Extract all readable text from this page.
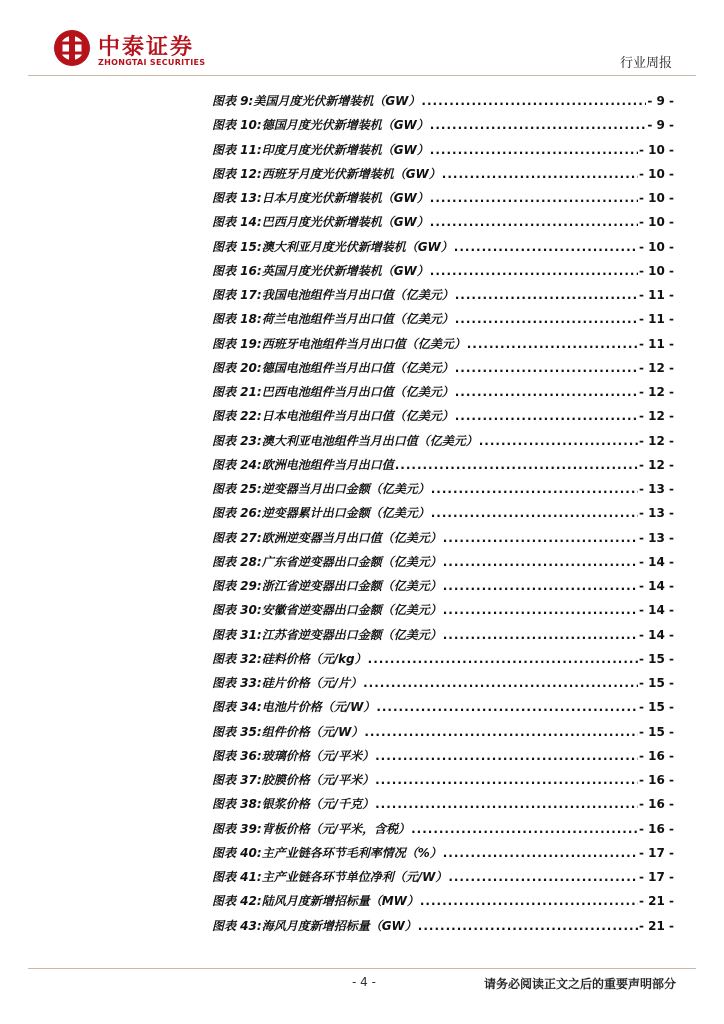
中泰证券
ZHONGTAI SECURITIES	行业周报
图表 9: 美国月度光伏新增装机（GW） .....	- 9 -
图表 10: 德国月度光伏新增装机（GW） .....	- 9 -
图表 11: 印度月度光伏新增装机（GW） .....	- 10 -
图表 12: 西班牙月度光伏新增装机（GW） .....	- 10 -
图表 13: 日本月度光伏新增装机（GW） .....	- 10 -
图表 14: 巴西月度光伏新增装机（GW） .....	- 10 -
图表 15: 澳大利亚月度光伏新增装机（GW） .....	- 10 -
图表 16: 英国月度光伏新增装机（GW） .....	- 10 -
图表 17: 我国电池组件当月出口值（亿美元） .....	- 11 -
图表 18: 荷兰电池组件当月出口值（亿美元） .....	- 11 -
图表 19: 西班牙电池组件当月出口值（亿美元） .....	- 11 -
图表 20: 德国电池组件当月出口值（亿美元） .....	- 12 -
图表 21: 巴西电池组件当月出口值（亿美元） .....	- 12 -
图表 22: 日本电池组件当月出口值（亿美元） .....	- 12 -
图表 23: 澳大利亚电池组件当月出口值（亿美元） .....	- 12 -
图表 24: 欧洲电池组件当月出口值 .....	- 12 -
图表 25: 逆变器当月出口金额（亿美元） .....	- 13 -
图表 26: 逆变器累计出口金额（亿美元） .....	- 13 -
图表 27: 欧洲逆变器当月出口值（亿美元） .....	- 13 -
图表 28: 广东省逆变器出口金额（亿美元） .....	- 14 -
图表 29: 浙江省逆变器出口金额（亿美元） .....	- 14 -
图表 30: 安徽省逆变器出口金额（亿美元） .....	- 14 -
图表 31: 江苏省逆变器出口金额（亿美元） .....	- 14 -
图表 32: 硅料价格（元/kg） .....	- 15 -
图表 33: 硅片价格（元/片） .....	- 15 -
图表 34: 电池片价格（元/W） .....	- 15 -
图表 35: 组件价格（元/W） .....	- 15 -
图表 36: 玻璃价格（元/平米） .....	- 16 -
图表 37: 胶膜价格（元/平米） .....	- 16 -
图表 38: 银浆价格（元/千克） .....	- 16 -
图表 39: 背板价格（元/平米，含税） .....	- 16 -
图表 40: 主产业链各环节毛利率情况（%） .....	- 17 -
图表 41: 主产业链各环节单位净利（元/W） .....	- 17 -
图表 42: 陆风月度新增招标量（MW） .....	- 21 -
图表 43: 海风月度新增招标量（GW） .....	- 21 -
- 4 -	请务必阅读正文之后的重要声明部分
